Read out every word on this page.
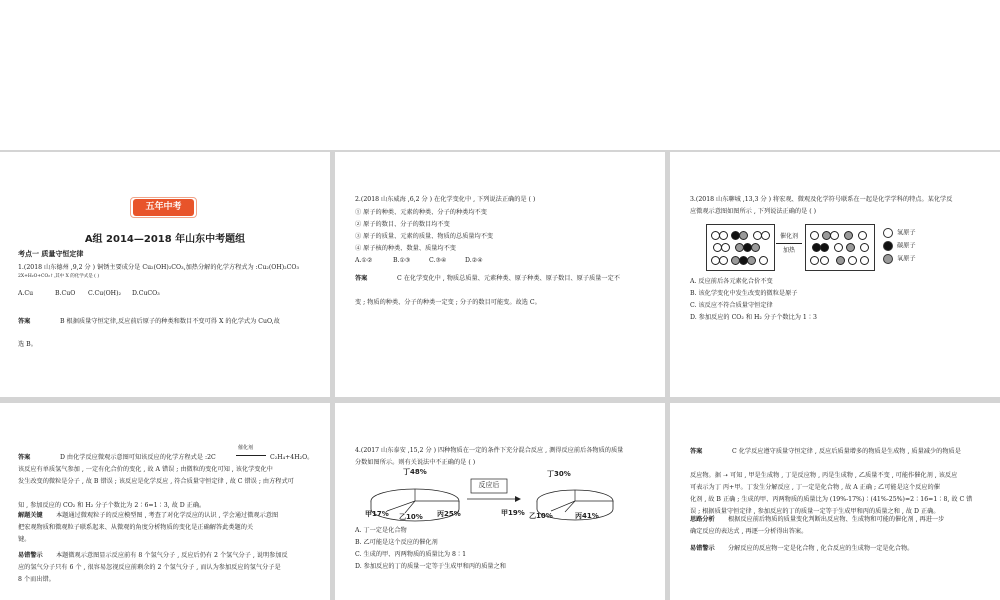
五年中考
A组 2014—2018 年山东中考题组
考点一 质量守恒定律
1.(2018 山东德州 ,9,2 分 ) 铜锈主要成分是 Cu₂(OH)₂CO₃,加热分解的化学方程式为 :Cu₂(OH)₂CO₃
2X+H₂O+CO₂↑,其中 X 的化学式是 ( )
A.Cu	B.CuO C.Cu(OH)₂ D.CuCO₃
答案	B 根据质量守恒定律,反应前后原子的种类和数目不变可得 X 的化学式为 CuO,故
选 B。
2.(2018 山东威海 ,6,2 分 ) 在化学变化中 , 下列说法正确的是 ( )
① 原子的种类、元素的种类、分子的种类均不变
② 原子的数目、分子的数目均不变
③ 原子的质量、元素的质量、物质的总质量均不变
④ 原子核的种类、数量、质量均不变
A.①②	B.①③	C.③④	D.②④
答案	C 在化学变化中 , 物质总质量、元素种类、原子种类、原子数目、原子质量一定不
变 ; 物质的种类、分子的种类一定变 ; 分子的数目可能变。故选 C。
3.(2018 山东聊城 ,13,3 分 ) 将宏观、微观及化学符号联系在一起是化学学科的特点。某化学反
应微观示意图如图所示 , 下列说法正确的是 ( )
催化剂
加热
氢原子
碳原子
氧原子
A. 反应前后各元素化合价不变
B. 该化学变化中发生改变的微粒是原子
C. 该反应不符合质量守恒定律
D. 参加反应的 CO₂ 和 H₂ 分子个数比为 1∶3
答案	D 由化学反应微观示意图可知该反应的化学方程式是 :2C
催化剂
C₂H₄+4H₂O。
该反应有单质氢气参加 , 一定有化合价的变化 , 故 A 错误 ; 由微粒的变化可知 , 该化学变化中
发生改变的微粒是分子 , 故 B 错误 ; 该反应是化学反应 , 符合质量守恒定律 , 故 C 错误 ; 由方程式可
知 , 参加反应的 CO₂ 和 H₂ 分子个数比为 2∶6=1∶3, 故 D 正确。
解题关键 本题通过微观粒子的反应模型图 , 考查了对化学反应的认识 , 学会通过微观示意图
把宏观物质和微观粒子联系起来、从微观的角度分析物质的变化是正确解答此类题的关
键。
易错警示 本题微观示意图显示反应前有 8 个氢气分子 , 反应后仍有 2 个氢气分子 , 说明参加反
应的氢气分子只有 6 个 , 很容易忽视反应前剩余的 2 个氢气分子 , 而认为参加反应的氢气分子是
8 个而出错。
4.(2017 山东泰安 ,15,2 分 ) 四种物质在一定的条件下充分混合反应 , 测得反应前后各物质的质量
分数如图所示。则有关说法中不正确的是 ( )
反应后
丁48%
甲17% 乙10% 丙25%
丁30%
甲19% 乙10%	丙41%
A. 丁一定是化合物
B. 乙可能是这个反应的催化剂
C. 生成的甲、丙两物质的质量比为 8∶1
D. 参加反应的丁的质量一定等于生成甲和丙的质量之和
答案	C 化学反应遵守质量守恒定律 , 反应后质量增多的物质是生成物 , 质量减少的物质是
反应物。据 ➝ 可知 , 甲是生成物 , 丁是反应物 , 丙是生成物 , 乙质量不变 , 可能作催化剂 , 该反应
可表示为丁 丙+甲。丁发生分解反应 , 丁一定是化合物 , 故 A 正确 ; 乙可能是这个反应的催
化剂 , 故 B 正确 ; 生成的甲、丙两物质的质量比为 (19%-17%)∶(41%-25%)=2∶16=1∶8, 故 C 错
误 ; 根据质量守恒定律 , 参加反应的丁的质量一定等于生成甲和丙的质量之和 , 故 D 正确。
思路分析 根据反应前后物质的质量变化判断出反应物、生成物和可能的催化剂 , 再进一步
确定反应的表达式 , 再逐一分析得出答案。
易错警示 分解反应的反应物一定是化合物 , 化合反应的生成物一定是化合物。
